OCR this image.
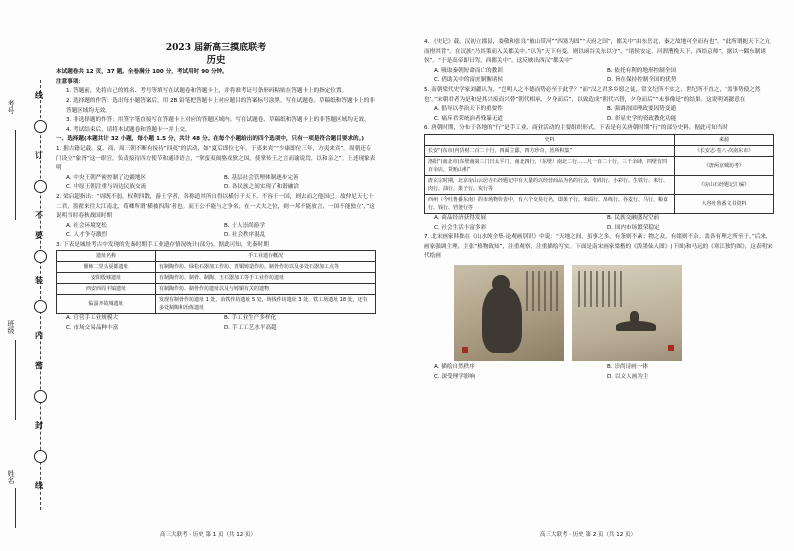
考号
班级
姓名
线
订
不
要
装
内
密
封
线
2023 届新高三摸底联考
历史

本试题卷共 12 页，37 题。全卷满分 100 分，考试用时 90 分钟。

注意事项：

1. 答题前，先将自己的姓名、考号等填写在试题卷和答题卡上，并将准考证号条形码粘贴在答题卡上的指定位置。

2. 选择题的作答：选出每小题答案后，用 2B 铅笔把答题卡上对应题目的答案标号涂黑。写在试题卷、草稿纸和答题卡上的非答题区域均无效。

3. 非选择题的作答：用签字笔直接写在答题卡上对应的答题区域内。写在试题卷、草稿纸和答题卡上的非答题区域均无效。

4. 考试结束后，请将本试题卷和答题卡一并上交。

一、选择题(本题共计 32 小题，每小题 1.5 分，共计 48 分。在每个小题给出的四个选项中，只有一项是符合题目要求的。)

1. 据古籍记载，夏、商、周三朝不断有接待“四夷”的活动，如“夏后即位七年，于夷来宾”“少康即位三年，方夷来宾”。周朝还专门设立“象胥”这一职官，负责接待四方使节和通译语言，“掌蛮夷闽貉戎狄之国，使掌传王之言而谕说焉，以和亲之”。上述现象表明

A. 中央王朝严密控制了边疆地区	B. 基层社会管理体制逐步完善
C. 中原王朝注重与周边民族交流	D. 各民族之间实现了和谐融洽

2. 梁启超指出：“周既不弱，权利四散，游士学者，各称道其所自得以横行于天下，不容于一国，则去而之他国已。故仲尼天七十二君，墨翟来往大江南北，荀卿所谓‘横被四海’者也。而王公不能与之争名；在一大夫之位，则一邦不能放言，一国不能独立’，”这说明当时春秋战国时期

A. 社会环境宽松	B. 士人崇尚游学
C. 人才争夺激烈	D. 社会秩序混乱

3. 下表是城址考古中发现的先秦时期手工业遗存情况统计(部分)。据此可知，先秦时期

遗址名称	手工业遗存概况
偃师二里头夏都遗址	有制陶作坊、绿松石器加工作坊、青铜铸造作坊、制骨作坊以及多处石器加工点等
安阳殷墟遗址	有制陶作坊、制骨、制陶、玉石器加工等手工业作坊遗址
西安西周丰镐遗址	有制陶作坊、制骨作坊遗址以及与铸铜有关的遗物
临淄齐故城遗址	发现有制骨作坊遗址 1 处，冶铁作坊遗址 5 处，铸钱作坊遗址 3 处，铁工场遗址 18 处，还有多处制陶和冶炼遗址
A. 官营手工业规模大	B. 手工业生产多样化
C. 市场交易品种丰富	D. 手工工艺水平高超

4. 《史记》载，汉初立郡县，娄敬和张良“被山带河”“四塞为固”“天府之国”，都关中”由东岳北，秦之故地可全而有也”。“此所谓扼天下之亢而拊其背”。在汉族“乃其策而入关都关中。”认为“天下有变，则以函谷关东以守”，“诸侯安定，河渭漕挽天下，西给京师”，据以一隅东制诸侯”。“于是高帝即日驾，西都关中”。这反映出西汉“都关中”

A. 吸取秦朝短命而亡的教训	B. 依托有利的地形控制全国
C. 借助关中的富庶制衡诸侯	D. 旨在保持控制全国的优势

5. 南朝梁代史学家刘勰认为，“岂明人之不德而势必至于此乎？”而“汉之君多乡愿之徒，常文纪所不实之，世纪所不直之，‘盖事势使之然也’。”宋朝君者为是和是其兴废而兴替“朝代相承，夕身而后”，以致造成“朝代兴替，夕身而后”“未事像是”的结果。这说明刘勰意在

A. 倡导以孝治天下的重要性	B. 强调治国理政要因势变通
C. 痛斥君荣统治者残暴无道	D. 彰显史学的资政教化功能

6. 唐朝时期，分布于各地的“行”是手工业、商业活动的主要组织形式。下表是有关唐朝时期“行”的部分史料。据此可知当时

史料	来源
长安“(东市)内货财二百二十行，四面立邸，四方珍奇，皆所积集”	《长安志·卷八·次南东市》
洛阳“(南北市)东壁南第三门曰太平门，南北四行，（东壁）南北二行……凡一百二十行，三千余肆，四壁有四百余店，货贿山积”	《唐两京城坊考》
唐玄宗时期，北京房山云居寺石经题记中有大量的以经营商品为名的行会，如绢行、小彩行、生铁行、米行、肉行、油行、果子行、炭行等	《房山石经题记汇编》
西州（今吐鲁番东南）的市场物价表中，有六个交易行名，即果子行、米面行、帛练行、谷麦行、马行、粮食行、钱行、铛釜行等	大谷吐鲁番文书资料
A. 商品经济获得发展	B. 民族交融盛况空前
C. 社会生活丰富多彩	D. 国内市场繁荣稳定

7. 北宋画家韩拙在《山水纯全集·论观画别识》中说：“天地之间，虽事之多，有条则不紊；物之众，有绪则不杂。盖各有理之所至于。”后来，画家强调主理，主张“格物致知”，注重观察，注重描绘写实。下面是南宋画家梁楷的《泼墨仙人图》(下图)和马远的《寒江独钓图》，这表明宋代绘画

A. 描绘自然秩序	B. 崇尚诗画一体
C. 深受理学影响	D. 以文人画为主
高三大联考 · 历史 第 1 页（共 12 页）	高三大联考 · 历史 第 2 页（共 12 页）
